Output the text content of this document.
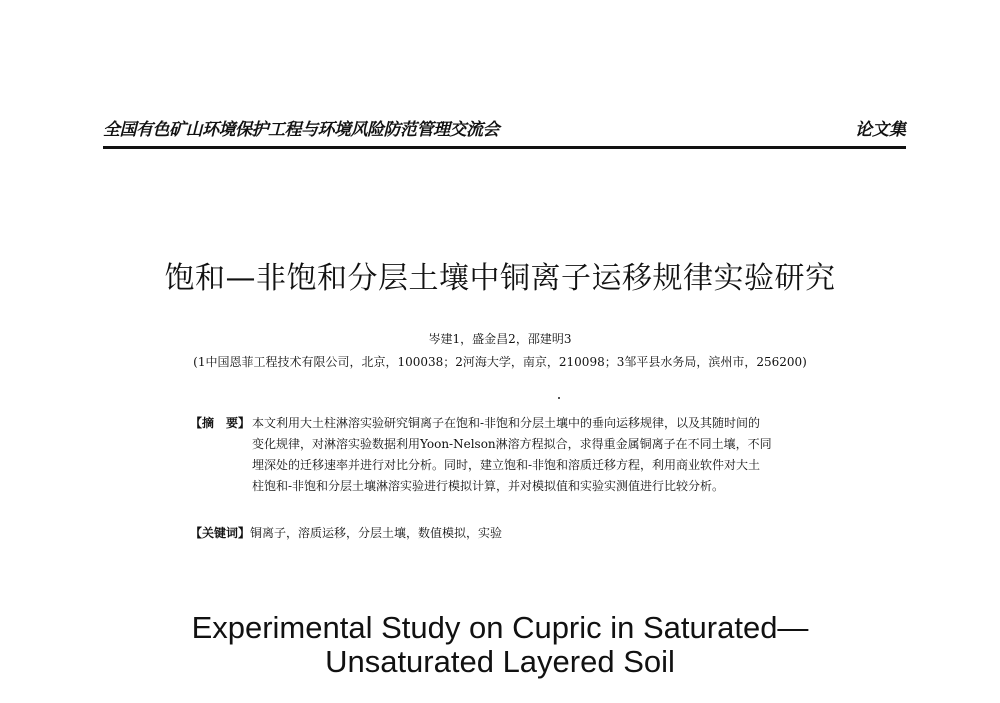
全国有色矿山环境保护工程与环境风险防范管理交流会	论文集
饱和—非饱和分层土壤中铜离子运移规律实验研究
岑建1，盛金昌2，邵建明3
(1中国恩菲工程技术有限公司，北京，100038；2河海大学，南京，210098；3邹平县水务局，滨州市，256200)
【摘　要】 本文利用大土柱淋溶实验研究铜离子在饱和-非饱和分层土壤中的垂向运移规律，以及其随时间的
变化规律，对淋溶实验数据利用Yoon-Nelson淋溶方程拟合，求得重金属铜离子在不同土壤，不同
埋深处的迁移速率并进行对比分析。同时，建立饱和-非饱和溶质迁移方程，利用商业软件对大土
柱饱和-非饱和分层土壤淋溶实验进行模拟计算，并对模拟值和实验实测值进行比较分析。
【关键词】铜离子，溶质运移，分层土壤，数值模拟，实验
Experimental Study on Cupric in Saturated—
Unsaturated Layered Soil
